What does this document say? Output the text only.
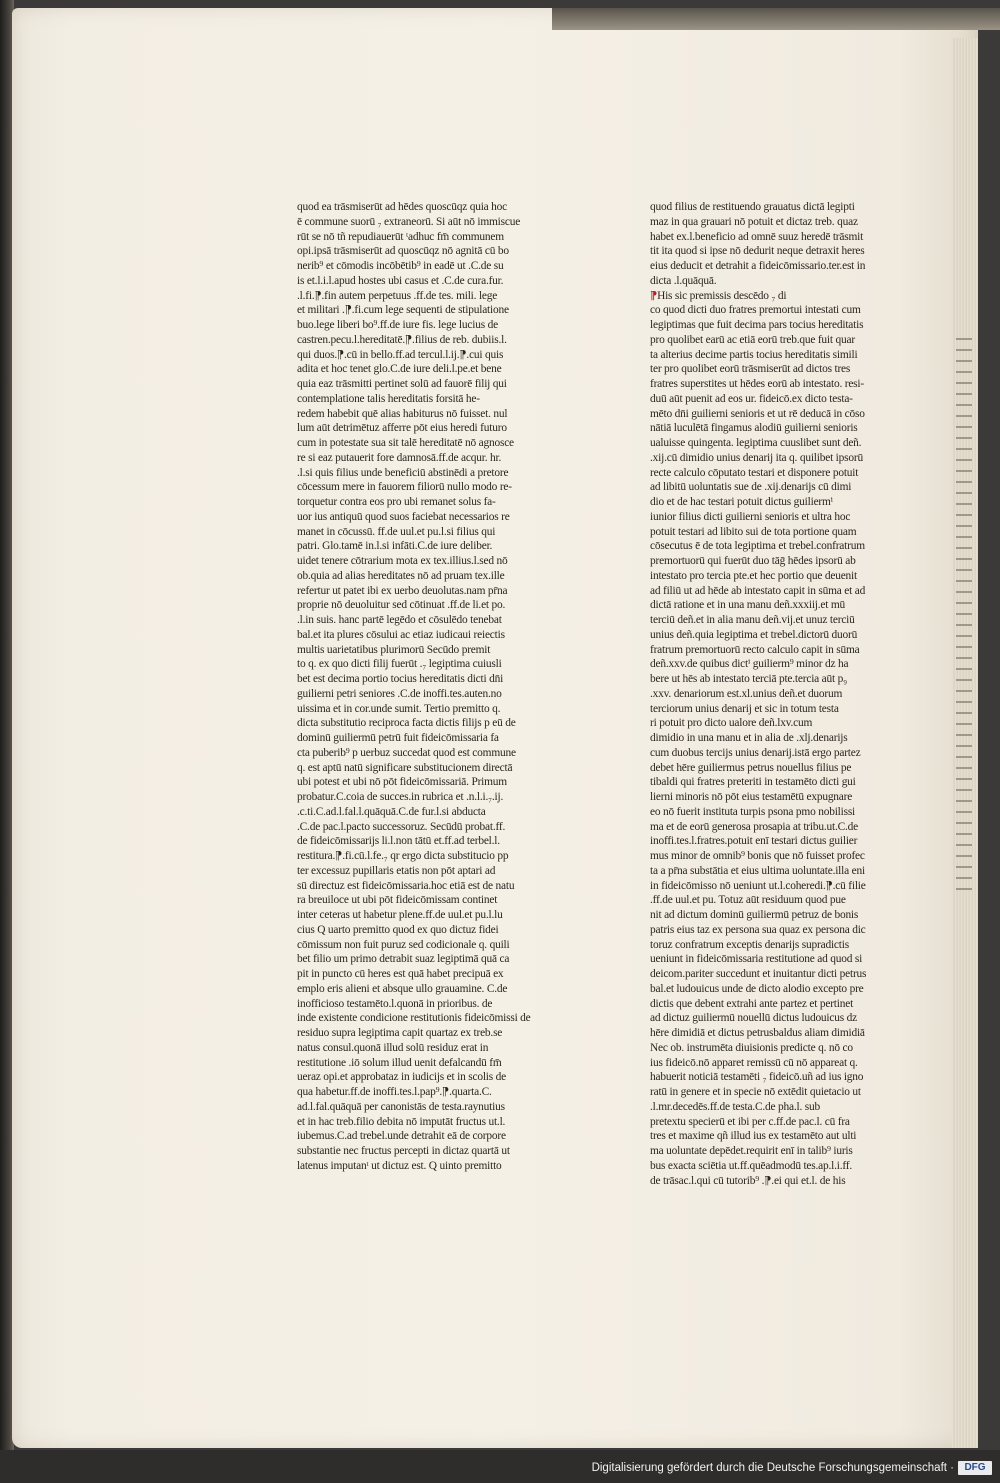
quod ea trāsmiserūt ad hēdes quoscūqz quia hoc
ē commune suorū ₇ extraneorū. Si aūt nō immiscue
rūt se nō tñ repudiauerūt ᵗadhuc fm̄ communem
opi.ipsā trāsmiserūt ad quoscūqz nō agnitā cū bo
nerib⁹ et cōmodis incōbētib⁹ in eadē ut .C.de su
is et.l.i.l.apud hostes ubi casus et .C.de cura.fur.
.l.fi.⁋.fin autem perpetuus .ff.de tes. mili. lege
et militari .⁋.fi.cum lege sequenti de stipulatione
buo.lege liberi bo⁹.ff.de iure fis. lege lucius de
castren.pecu.l.hereditatē.⁋.filius de reb. dubiis.l.
qui duos.⁋.cū in bello.ff.ad tercul.l.ij.⁋.cui quis
adita et hoc tenet glo.C.de iure deli.l.pe.et bene
quia eaz trāsmitti pertinet solū ad fauorē filij qui
contemplatione talis hereditatis forsitā he-
redem habebit quē alias habiturus nō fuisset. nul
lum aūt detrimētuz afferre pōt eius heredi futuro
cum in potestate sua sit talē hereditatē nō agnosce
re si eaz putauerit fore damnosā.ff.de acqur. hr.
.l.si quis filius unde beneficiū abstinēdi a pretore
cōcessum mere in fauorem filiorū nullo modo re-
torquetur contra eos pro ubi remanet solus fa-
uor ius antiquū quod suos faciebat necessarios re
manet in cōcussū. ff.de uul.et pu.l.si filius qui
patri. Glo.tamē in.l.si infāti.C.de iure deliber.
uidet tenere cōtrarium mota ex tex.illius.l.sed nō
ob.quia ad alias hereditates nō ad pruam tex.ille
refertur ut patet ibi ex uerbo deuolutas.nam pr̄na
proprie nō deuoluitur sed cōtinuat .ff.de li.et po.
.l.in suis. hanc partē legēdo et cōsulēdo tenebat
bal.et ita plures cōsului ac etiaz iudicaui reiectis
multis uarietatibus plurimorū Secūdo premit
to q. ex quo dicti filij fuerūt .₇ legiptima cuiusli
bet est decima portio tocius hereditatis dicti dn̄i
guilierni petri seniores .C.de inoffi.tes.auten.no
uissima et in cor.unde sumit. Tertio premitto q.
dicta substitutio reciproca facta dictis filijs p eū de
dominū guiliermū petrū fuit fideicōmissaria fa
cta puberib⁹ p uerbuz succedat quod est commune
q. est aptū natū significare substitucionem directā
ubi potest et ubi nō pōt fideicōmissariā. Primum
probatur.C.coia de succes.in rubrica et .n.l.i.₇.ij.
.c.ti.C.ad.l.fal.l.quāquā.C.de fur.l.si abducta
.C.de pac.l.pacto successoruz. Secūdū probat.ff.
de fideicōmissarijs li.l.non tātū et.ff.ad terbel.l.
restitura.⁋.fi.cū.l.fe.₇ qr ergo dicta substitucio pp
ter excessuz pupillaris etatis non pōt aptari ad
sū directuz est fideicōmissaria.hoc etiā est de natu
ra breuiloce ut ubi pōt fideicōmissam continet
inter ceteras ut habetur plene.ff.de uul.et pu.l.lu
cius Q uarto premitto quod ex quo dictuz fidei
cōmissum non fuit puruz sed codicionale q. quili
bet filio um primo detrabit suaz legiptimā quā ca
pit in puncto cū heres est quā habet precipuā ex
emplo eris alieni et absque ullo grauamine. C.de
inofficioso testamēto.l.quonā in prioribus. de
inde existente condicione restitutionis fideicōmissi de
residuo supra legiptima capit quartaz ex treb.se
natus consul.quonā illud solū residuz erat in
restitutione .iō solum illud uenit defalcandū fm̄
ueraz opi.et approbataz in iudicijs et in scolis de
qua habetur.ff.de inoffi.tes.l.pap⁹.⁋.quarta.C.
ad.l.fal.quāquā per canonistās de testa.raynutius
et in hac treb.filio debita nō imputāt fructus ut.l.
iubemus.C.ad trebel.unde detrahit eā de corpore
substantie nec fructus percepti in dictaz quartā ut
latenus imputanᵗ ut dictuz est. Q uinto premitto
quod filius de restituendo grauatus dictā legipti
maz in qua grauari nō potuit et dictaz treb. quaz
habet ex.l.beneficio ad omnē suuz heredē trāsmit
tit ita quod si ipse nō dedurit neque detraxit heres
eius deducit et detrahit a fideicōmissario.ter.est in
dicta .l.quāquā.
⁋His sic premissis descēdo ₇ di
co quod dicti duo fratres premortui intestati cum
legiptimas que fuit decima pars tocius hereditatis
pro quolibet earū ac etiā eorū treb.que fuit quar
ta alterius decime partis tocius hereditatis simili
ter pro quolibet eorū trāsmiserūt ad dictos tres
fratres superstites ut hēdes eorū ab intestato. resi-
duū aūt puenit ad eos ur. fideicō.ex dicto testa-
mēto dn̄i guilierni senioris et ut rē deducā in cōso
nātiā luculētā fingamus alodiū guilierni senioris
ualuisse quingenta. legiptima cuuslibet sunt deñ.
.xij.cū dimidio unius denarij ita q. quilibet ipsorū
recte calculo cōputato testari et disponere potuit
ad libitū uoluntatis sue de .xij.denarijs cū dimi
dio et de hac testari potuit dictus guiliermⁱ
iunior filius dicti guilierni senioris et ultra hoc
potuit testari ad libito sui de tota portione quam
cōsecutus ē de tota legiptima et trebel.confratrum
premortuorū qui fuerūt duo tāḡ hēdes ipsorū ab
intestato pro tercia pte.et hec portio que deuenit
ad filiū ut ad hēde ab intestato capit in sūma et ad
dictā ratione et in una manu deñ.xxxiij.et mū
terciū deñ.et in alia manu deñ.vij.et unuz terciū
unius deñ.quia legiptima et trebel.dictorū duorū
fratrum premortuorū recto calculo capit in sūma
deñ.xxv.de quibus dictⁱ guilierm⁹ minor dz ha
bere ut hēs ab intestato terciā pte.tercia aūt p₉
.xxv. denariorum est.xl.unius deñ.et duorum
terciorum unius denarij et sic in totum testa
ri potuit pro dicto ualore deñ.lxv.cum
dimidio in una manu et in alia de .xlj.denarijs
cum duobus tercijs unius denarij.istā ergo partez
debet hēre guiliermus petrus nouellus filius pe
tibaldi qui fratres preteriti in testamēto dicti gui
lierni minoris nō pōt eius testamētū expugnare
eo nō fuerit instituta turpis psona pmo nobilissi
ma et de eorū generosa prosapia at tribu.ut.C.de
inoffi.tes.l.fratres.potuit enī testari dictus guilier
mus minor de omnib⁹ bonis que nō fuisset profec
ta a pr̄na substātia et eius ultima uoluntate.illa eni
in fideicōmisso nō ueniunt ut.l.coheredi.⁋.cū filie
.ff.de uul.et pu. Totuz aūt residuum quod pue
nit ad dictum dominū guiliermū petruz de bonis
patris eius taz ex persona sua quaz ex persona dic
toruz confratrum exceptis denarijs supradictis
ueniunt in fideicōmissaria restitutione ad quod si
deicom.pariter succedunt et inuitantur dicti petrus
bal.et ludouicus unde de dicto alodio excepto pre
dictis que debent extrahi ante partez et pertinet
ad dictuz guiliermū nouellū dictus ludouicus dz
hēre dimidiā et dictus petrusbaldus aliam dimidiā
Nec ob. instrumēta diuisionis predicte q. nō co
ius fideicō.nō apparet remissū cū nō appareat q.
habuerit noticiā testamēti ₇ fideicō.uñ ad ius igno
ratū in genere et in specie nō extēdit quietacio ut
.l.mr.decedēs.ff.de testa.C.de pha.l. sub
pretextu specierū et ibi per c.ff.de pac.l. cū fra
tres et maxime qñ illud ius ex testamēto aut ulti
ma uoluntate depēdet.requirit enī in talib⁹ iuris
bus exacta sciētia ut.ff.quēadmodū tes.ap.l.i.ff.
de trāsac.l.qui cū tutorib⁹ .⁋.ei qui et.l. de his
Digitalisierung gefördert durch die Deutsche Forschungsgemeinschaft ·	DFG
